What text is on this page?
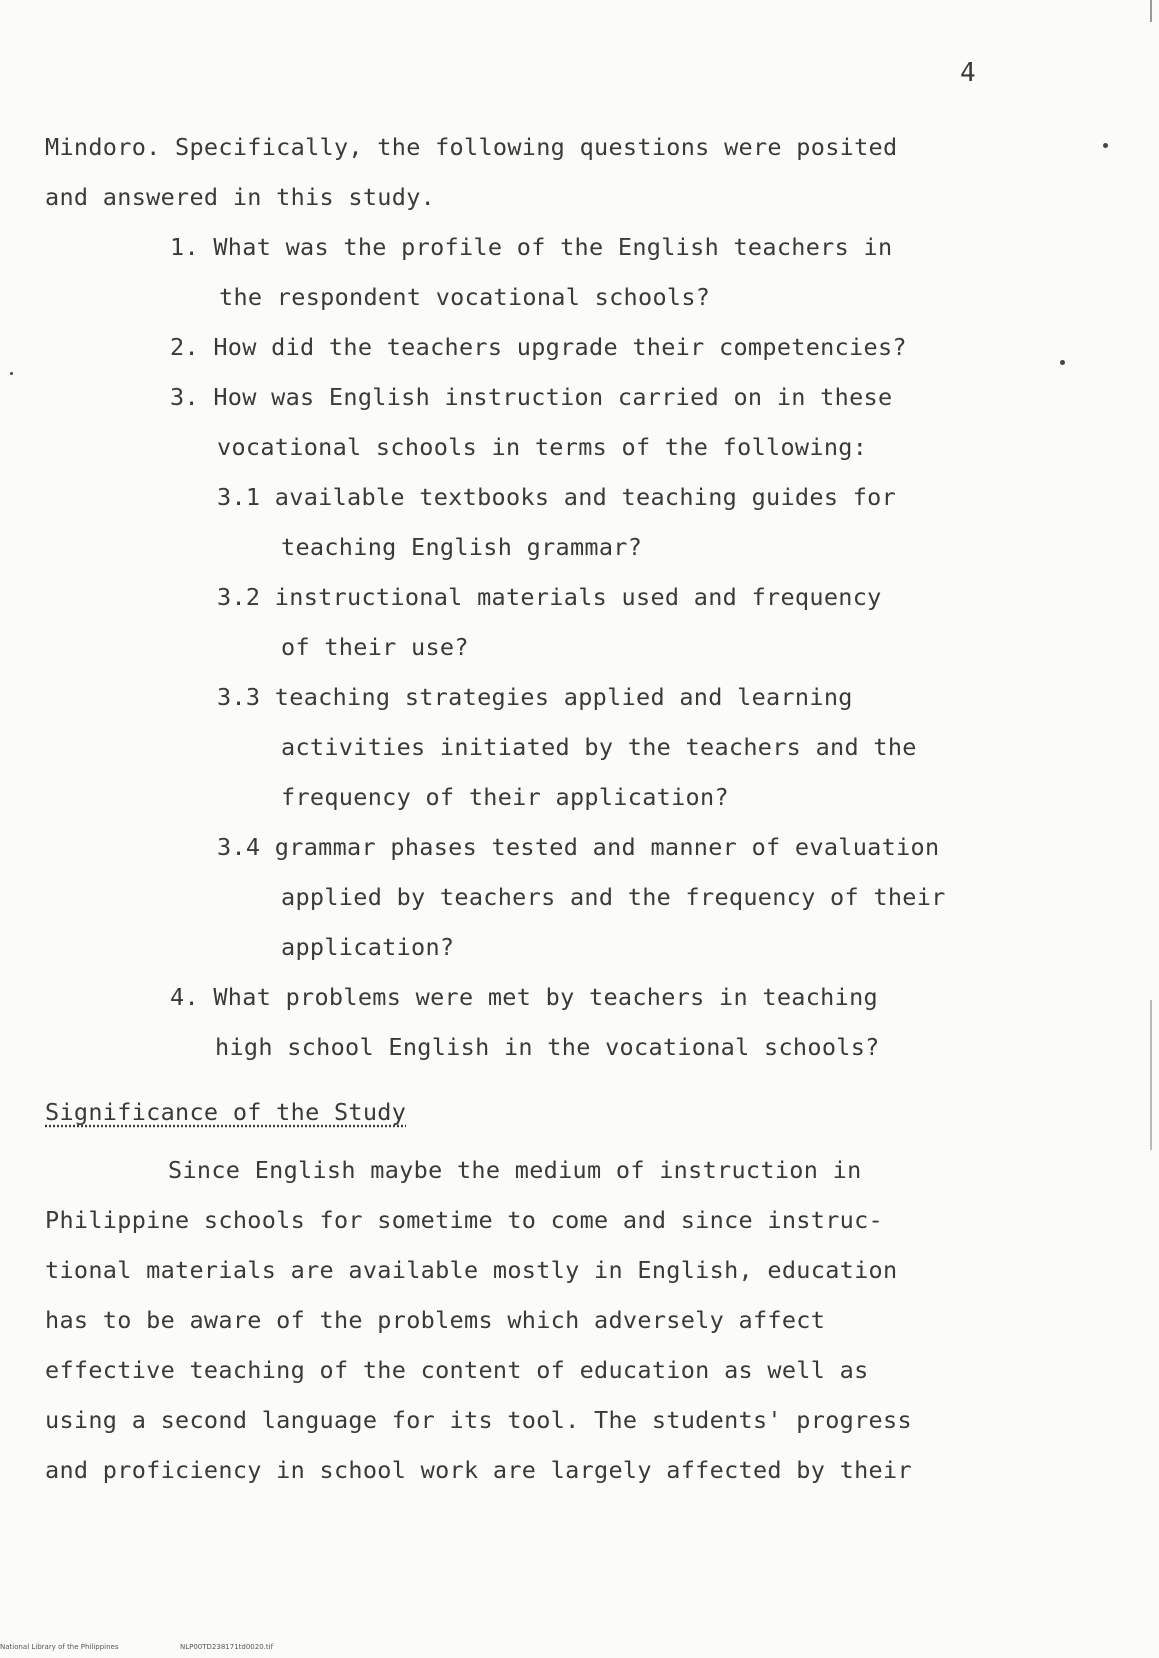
4
Mindoro. Specifically, the following questions were posited
and answered in this study.
1. What was the profile of the English teachers in
the respondent vocational schools?
2. How did the teachers upgrade their competencies?
3. How was English instruction carried on in these
vocational schools in terms of the following:
3.1 available textbooks and teaching guides for
teaching English grammar?
3.2 instructional materials used and frequency
of their use?
3.3 teaching strategies applied and learning
activities initiated by the teachers and the
frequency of their application?
3.4 grammar phases tested and manner of evaluation
applied by teachers and the frequency of their
application?
4. What problems were met by teachers in teaching
high school English in the vocational schools?
Significance of the Study
Since English maybe the medium of instruction in
Philippine schools for sometime to come and since instruc-
tional materials are available mostly in English, education
has to be aware of the problems which adversely affect
effective teaching of the content of education as well as
using a second language for its tool. The students' progress
and proficiency in school work are largely affected by their
National Library of the Philippines	NLP00TD238171td0020.tif
